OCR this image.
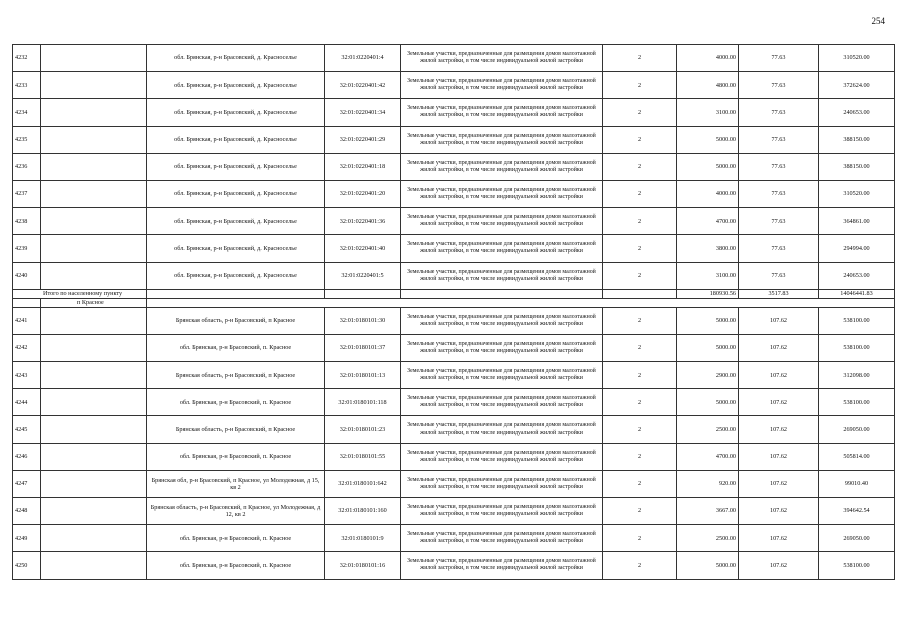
254
4232		обл. Брянская, р-н Брасовский, д. Красноселье	32:01:0220401:4	Земельные участки, предназначенные для размещения домов малоэтажной жилой застройки, в том числе индивидуальной жилой застройки	2	4000.00	77.63	310520.00
4233		обл. Брянская, р-н Брасовский, д. Красноселье	32:01:0220401:42	Земельные участки, предназначенные для размещения домов малоэтажной жилой застройки, в том числе индивидуальной жилой застройки	2	4800.00	77.63	372624.00
4234		обл. Брянская, р-н Брасовский, д. Красноселье	32:01:0220401:34	Земельные участки, предназначенные для размещения домов малоэтажной жилой застройки, в том числе индивидуальной жилой застройки	2	3100.00	77.63	240653.00
4235		обл. Брянская, р-н Брасовский, д. Красноселье	32:01:0220401:29	Земельные участки, предназначенные для размещения домов малоэтажной жилой застройки, в том числе индивидуальной жилой застройки	2	5000.00	77.63	388150.00
4236		обл. Брянская, р-н Брасовский, д. Красноселье	32:01:0220401:18	Земельные участки, предназначенные для размещения домов малоэтажной жилой застройки, в том числе индивидуальной жилой застройки	2	5000.00	77.63	388150.00
4237		обл. Брянская, р-н Брасовский, д. Красноселье	32:01:0220401:20	Земельные участки, предназначенные для размещения домов малоэтажной жилой застройки, в том числе индивидуальной жилой застройки	2	4000.00	77.63	310520.00
4238		обл. Брянская, р-н Брасовский, д. Красноселье	32:01:0220401:36	Земельные участки, предназначенные для размещения домов малоэтажной жилой застройки, в том числе индивидуальной жилой застройки	2	4700.00	77.63	364861.00
4239		обл. Брянская, р-н Брасовский, д. Красноселье	32:01:0220401:40	Земельные участки, предназначенные для размещения домов малоэтажной жилой застройки, в том числе индивидуальной жилой застройки	2	3800.00	77.63	294994.00
4240		обл. Брянская, р-н Брасовский, д. Красноселье	32:01:0220401:5	Земельные участки, предназначенные для размещения домов малоэтажной жилой застройки, в том числе индивидуальной жилой застройки	2	3100.00	77.63	240653.00
Итого по населенному пункту						180930.56	3517.83	14046441.83
	п Красное							
4241		Брянская область, р-н Брасовский, п Красное	32:01:0180101:30	Земельные участки, предназначенные для размещения домов малоэтажной жилой застройки, в том числе индивидуальной жилой застройки	2	5000.00	107.62	538100.00
4242		обл. Брянская, р-н Брасовский, п. Красное	32:01:0180101:37	Земельные участки, предназначенные для размещения домов малоэтажной жилой застройки, в том числе индивидуальной жилой застройки	2	5000.00	107.62	538100.00
4243		Брянская область, р-н Брасовский, п Красное	32:01:0180101:13	Земельные участки, предназначенные для размещения домов малоэтажной жилой застройки, в том числе индивидуальной жилой застройки	2	2900.00	107.62	312098.00
4244		обл. Брянская, р-н Брасовский, п. Красное	32:01:0180101:118	Земельные участки, предназначенные для размещения домов малоэтажной жилой застройки, в том числе индивидуальной жилой застройки	2	5000.00	107.62	538100.00
4245		Брянская область, р-н Брасовский, п Красное	32:01:0180101:23	Земельные участки, предназначенные для размещения домов малоэтажной жилой застройки, в том числе индивидуальной жилой застройки	2	2500.00	107.62	269050.00
4246		обл. Брянская, р-н Брасовский, п. Красное	32:01:0180101:55	Земельные участки, предназначенные для размещения домов малоэтажной жилой застройки, в том числе индивидуальной жилой застройки	2	4700.00	107.62	505814.00
4247		Брянская обл, р-н Брасовский, п Красное, ул Молодежная, д 15, кв 2	32:01:0180101:642	Земельные участки, предназначенные для размещения домов малоэтажной жилой застройки, в том числе индивидуальной жилой застройки	2	920.00	107.62	99010.40
4248		Брянская область, р-н Брасовский, п Красное, ул Молодежная, д 12, кв 2	32:01:0180101:160	Земельные участки, предназначенные для размещения домов малоэтажной жилой застройки, в том числе индивидуальной жилой застройки	2	3667.00	107.62	394642.54
4249		обл. Брянская, р-н Брасовский, п. Красное	32:01:0180101:9	Земельные участки, предназначенные для размещения домов малоэтажной жилой застройки, в том числе индивидуальной жилой застройки	2	2500.00	107.62	269050.00
4250		обл. Брянская, р-н Брасовский, п. Красное	32:01:0180101:16	Земельные участки, предназначенные для размещения домов малоэтажной жилой застройки, в том числе индивидуальной жилой застройки	2	5000.00	107.62	538100.00
